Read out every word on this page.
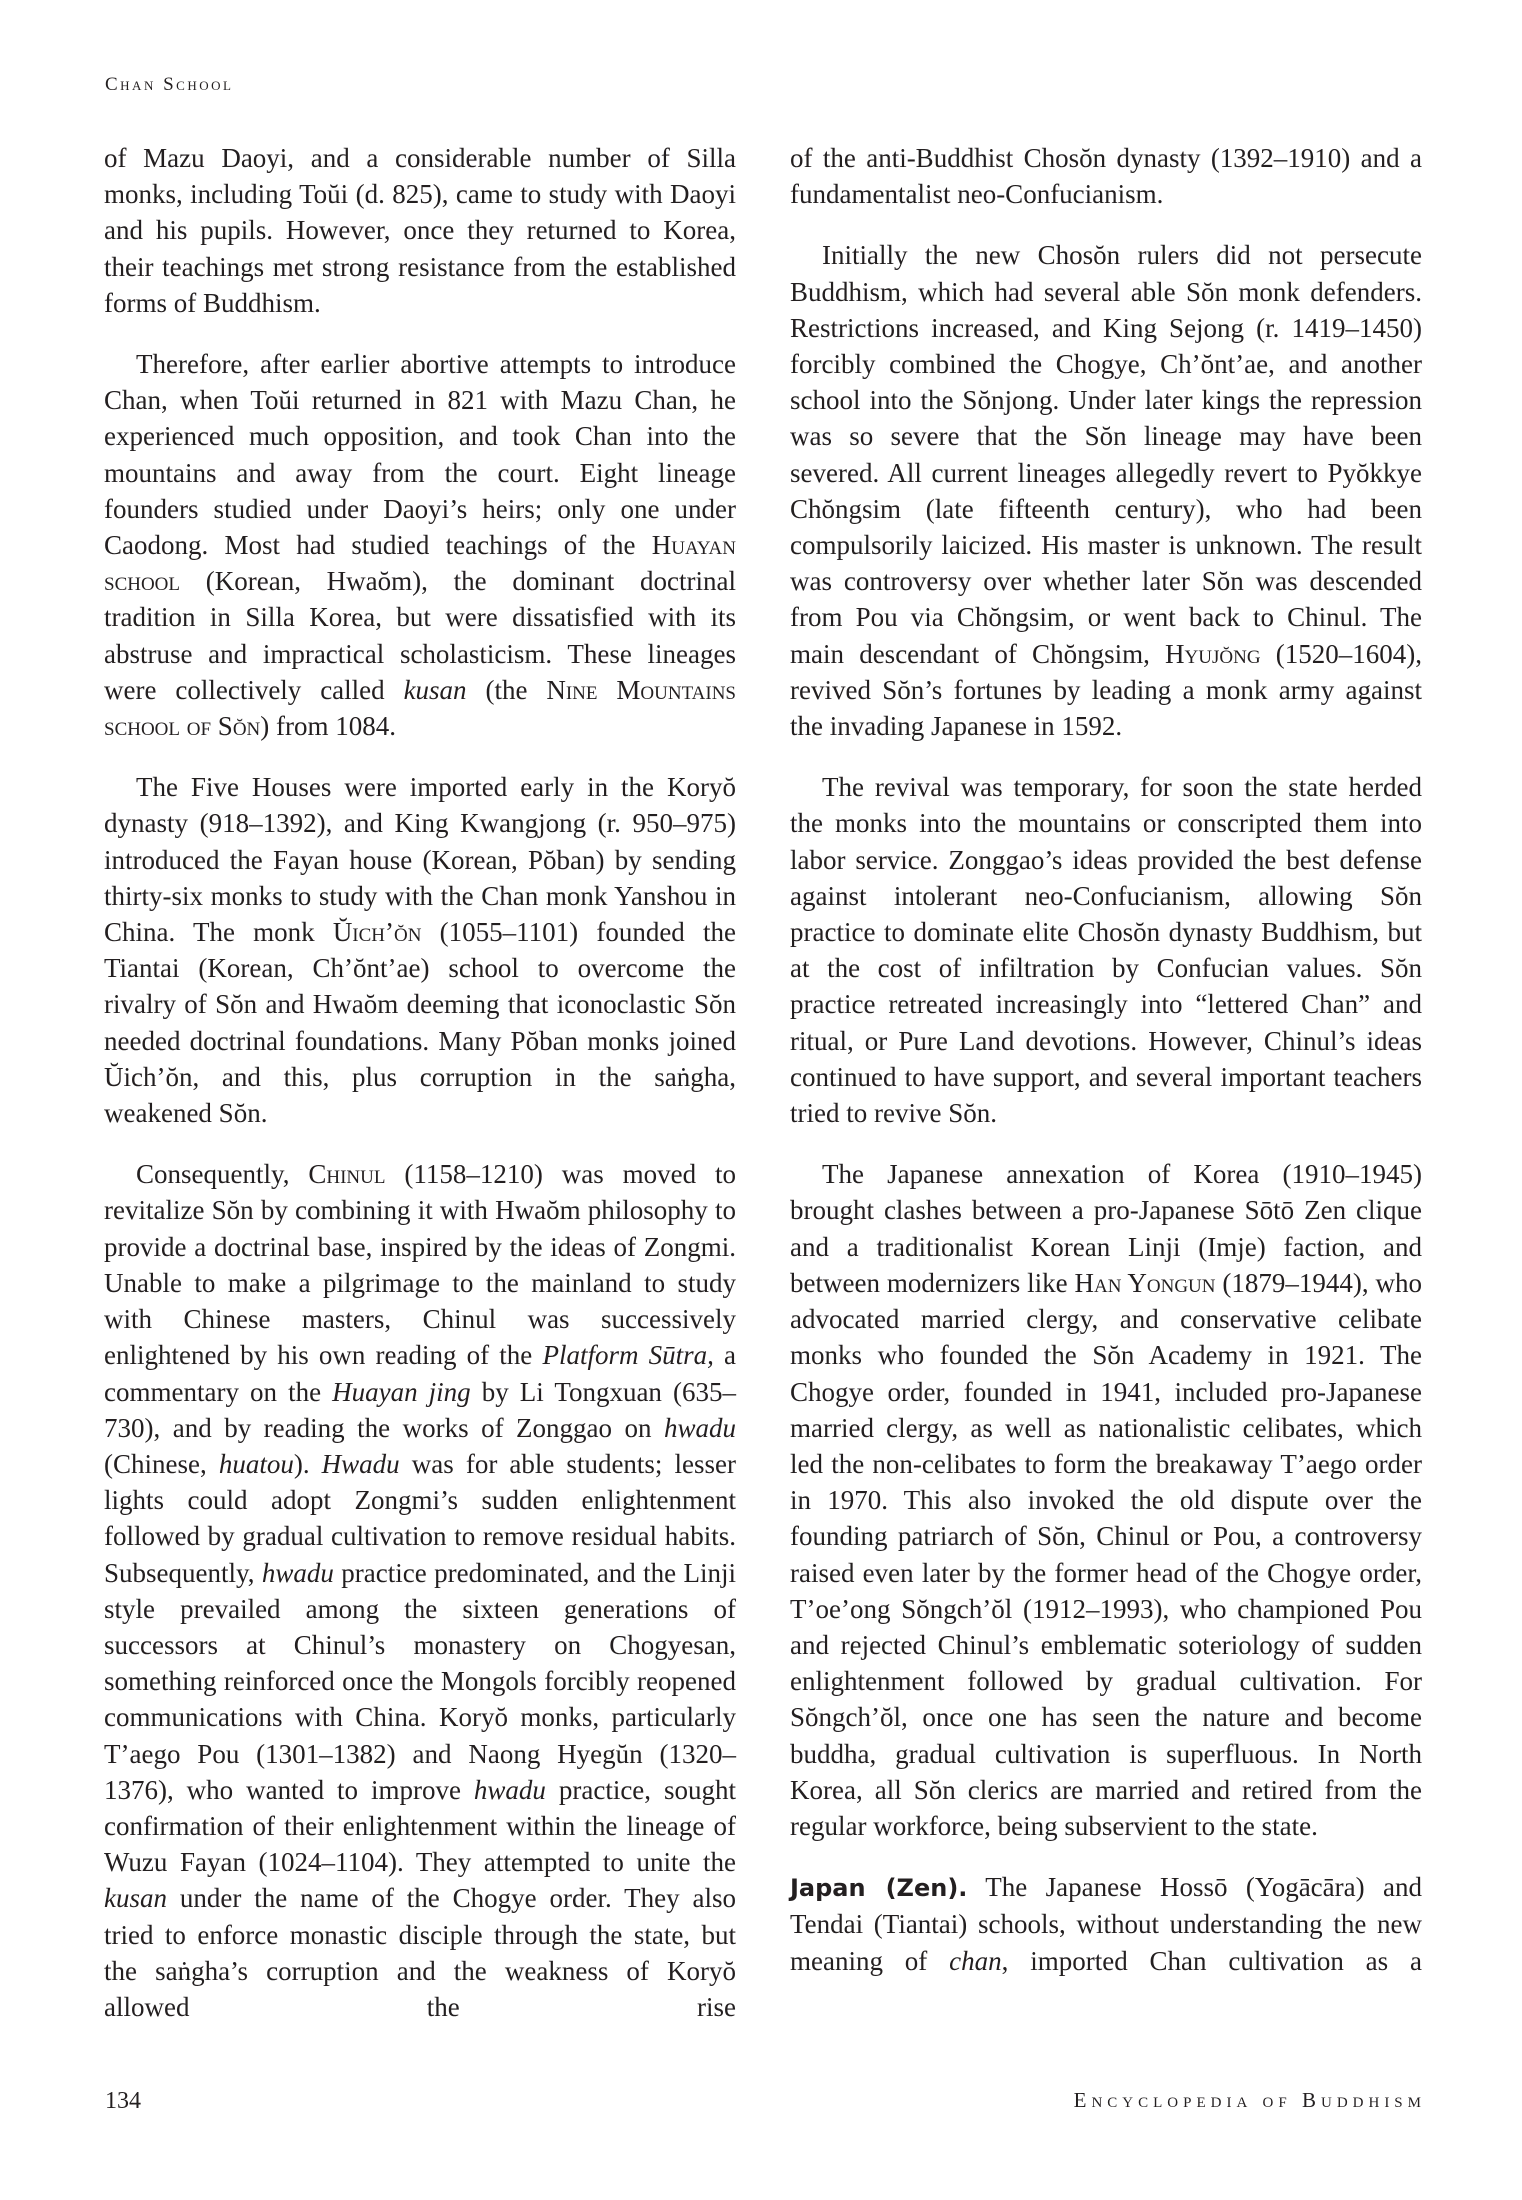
Chan School

of Mazu Daoyi, and a considerable number of Silla monks, including Toŭi (d. 825), came to study with Daoyi and his pupils. However, once they returned to Korea, their teachings met strong resistance from the established forms of Buddhism.

Therefore, after earlier abortive attempts to introduce Chan, when Toŭi returned in 821 with Mazu Chan, he experienced much opposition, and took Chan into the mountains and away from the court. Eight lineage founders studied under Daoyi’s heirs; only one under Caodong. Most had studied teachings of the Huayan school (Korean, Hwaŏm), the dominant doctrinal tradition in Silla Korea, but were dissatisfied with its abstruse and impractical scholasticism. These lineages were collectively called kusan (the Nine Mountains school of Sŏn) from 1084.

The Five Houses were imported early in the Koryŏ dynasty (918–1392), and King Kwangjong (r. 950–975) introduced the Fayan house (Korean, Pŏban) by sending thirty-six monks to study with the Chan monk Yanshou in China. The monk Ŭich’ŏn (1055–1101) founded the Tiantai (Korean, Ch’ŏnt’ae) school to overcome the rivalry of Sŏn and Hwaŏm deeming that iconoclastic Sŏn needed doctrinal foundations. Many Pŏban monks joined Ŭich’ŏn, and this, plus corruption in the saṅgha, weakened Sŏn.

Consequently, Chinul (1158–1210) was moved to revitalize Sŏn by combining it with Hwaŏm philosophy to provide a doctrinal base, inspired by the ideas of Zongmi. Unable to make a pilgrimage to the mainland to study with Chinese masters, Chinul was successively enlightened by his own reading of the Platform Sūtra, a commentary on the Huayan jing by Li Tongxuan (635–730), and by reading the works of Zonggao on hwadu (Chinese, huatou). Hwadu was for able students; lesser lights could adopt Zongmi’s sudden enlightenment followed by gradual cultivation to remove residual habits. Subsequently, hwadu practice predominated, and the Linji style prevailed among the sixteen generations of successors at Chinul’s monastery on Chogyesan, something reinforced once the Mongols forcibly reopened communications with China. Koryŏ monks, particularly T’aego Pou (1301–1382) and Naong Hyegŭn (1320–1376), who wanted to improve hwadu practice, sought confirmation of their enlightenment within the lineage of Wuzu Fayan (1024–1104). They attempted to unite the kusan under the name of the Chogye order. They also tried to enforce monastic disciple through the state, but the saṅgha’s corruption and the weakness of Koryŏ allowed the rise

of the anti-Buddhist Chosŏn dynasty (1392–1910) and a fundamentalist neo-Confucianism.

Initially the new Chosŏn rulers did not persecute Buddhism, which had several able Sŏn monk defenders. Restrictions increased, and King Sejong (r. 1419–1450) forcibly combined the Chogye, Ch’ŏnt’ae, and another school into the Sŏnjong. Under later kings the repression was so severe that the Sŏn lineage may have been severed. All current lineages allegedly revert to Pyŏkkye Chŏngsim (late fifteenth century), who had been compulsorily laicized. His master is unknown. The result was controversy over whether later Sŏn was descended from Pou via Chŏngsim, or went back to Chinul. The main descendant of Chŏngsim, Hyujŏng (1520–1604), revived Sŏn’s fortunes by leading a monk army against the invading Japanese in 1592.

The revival was temporary, for soon the state herded the monks into the mountains or conscripted them into labor service. Zonggao’s ideas provided the best defense against intolerant neo-Confucianism, allowing Sŏn practice to dominate elite Chosŏn dynasty Buddhism, but at the cost of infiltration by Confucian values. Sŏn practice retreated increasingly into “lettered Chan” and ritual, or Pure Land devotions. However, Chinul’s ideas continued to have support, and several important teachers tried to revive Sŏn.

The Japanese annexation of Korea (1910–1945) brought clashes between a pro-Japanese Sōtō Zen clique and a traditionalist Korean Linji (Imje) faction, and between modernizers like Han Yongun (1879–1944), who advocated married clergy, and conservative celibate monks who founded the Sŏn Academy in 1921. The Chogye order, founded in 1941, included pro-Japanese married clergy, as well as nationalistic celibates, which led the non-celibates to form the breakaway T’aego order in 1970. This also invoked the old dispute over the founding patriarch of Sŏn, Chinul or Pou, a controversy raised even later by the former head of the Chogye order, T’oe’ong Sŏngch’ŏl (1912–1993), who championed Pou and rejected Chinul’s emblematic soteriology of sudden enlightenment followed by gradual cultivation. For Sŏngch’ŏl, once one has seen the nature and become buddha, gradual cultivation is superfluous. In North Korea, all Sŏn clerics are married and retired from the regular workforce, being subservient to the state.

Japan (Zen). The Japanese Hossō (Yogācāra) and Tendai (Tiantai) schools, without understanding the new meaning of chan, imported Chan cultivation as a

134	Encyclopedia of Buddhism
